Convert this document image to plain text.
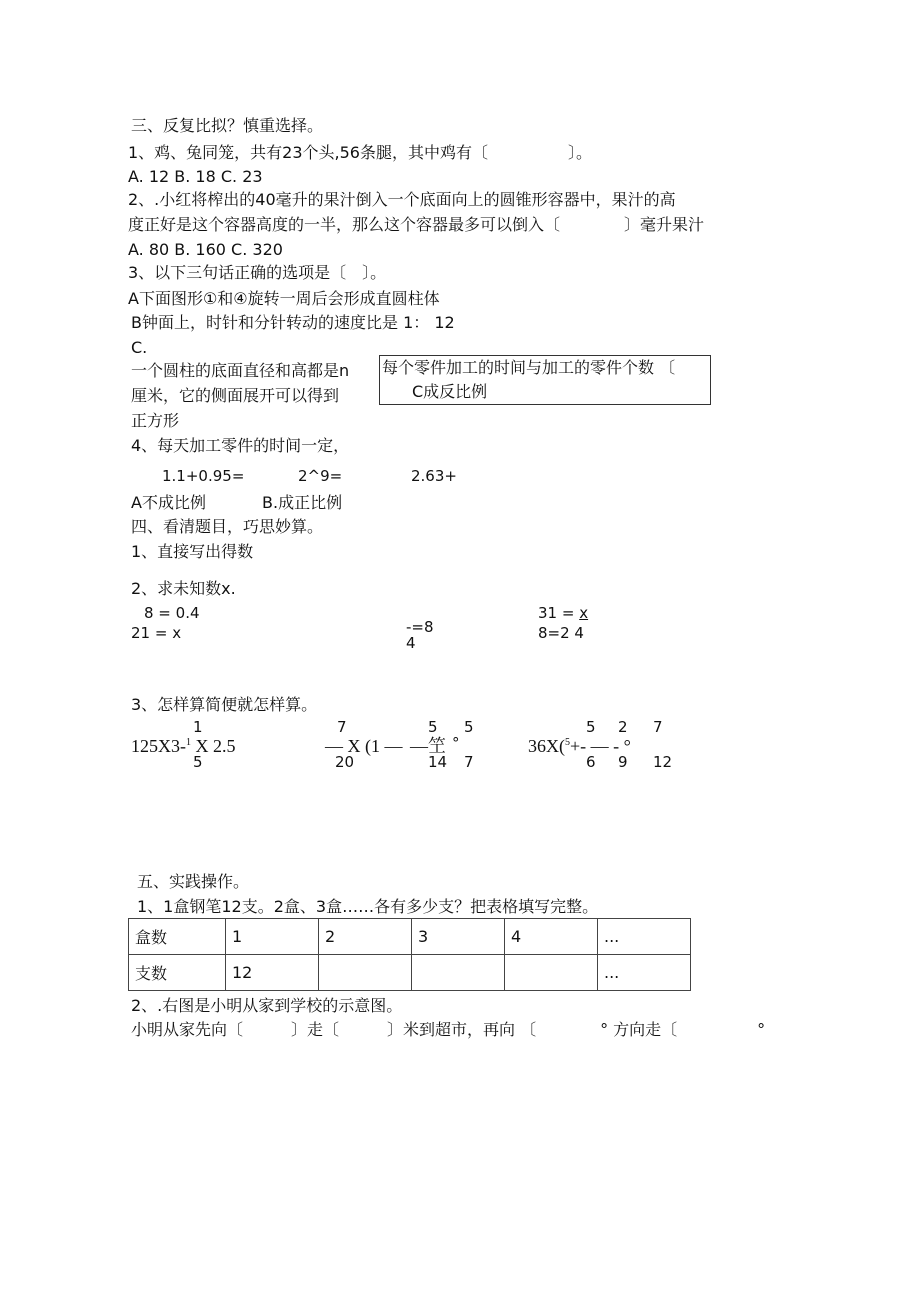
三、反复比拟？慎重选择。
1、鸡、兔同笼，共有23个头,56条腿，其中鸡有〔　　　　　〕。
A. 12 B. 18 C. 23
2、.小红将榨出的40毫升的果汁倒入一个底面向上的圆锥形容器中，果汁的高
度正好是这个容器高度的一半，那么这个容器最多可以倒入〔　　　　〕毫升果汁
A. 80 B. 160 C. 320
3、以下三句话正确的选项是〔　〕。
A下面图形①和④旋转一周后会形成直圆柱体
B钟面上，时针和分针转动的速度比是 1： 12
C.
一个圆柱的底面直径和高都是n
厘米，它的侧面展开可以得到
正方形
每个零件加工的时间与加工的零件个数 〔
C成反比例
4、每天加工零件的时间一定，
1.1+0.95=	2^9=	2.63+
A不成比例	B.成正比例
四、看清题目，巧思妙算。
1、直接写出得数
2、求未知数x.
8 = 0.4
21 = x	-=8
4
31 = x
8=2 4
3、怎样算简便就怎样算。
1
125X3-$^1$ X 2.5
5
7
— X (1 — —笁 °
5 5
20	14 7
5 2 7
36X($^5$+- — - °
6 9 12
五、实践操作。
1、1盒钢笔12支。2盒、3盒……各有多少支？把表格填写完整。
盒数	1	2	3	4	...
支数	12				...
2、.右图是小明从家到学校的示意图。
小明从家先向〔　　　〕走〔　　　〕米到超市，再向 〔　　　　° 方向走〔　　　　　°
